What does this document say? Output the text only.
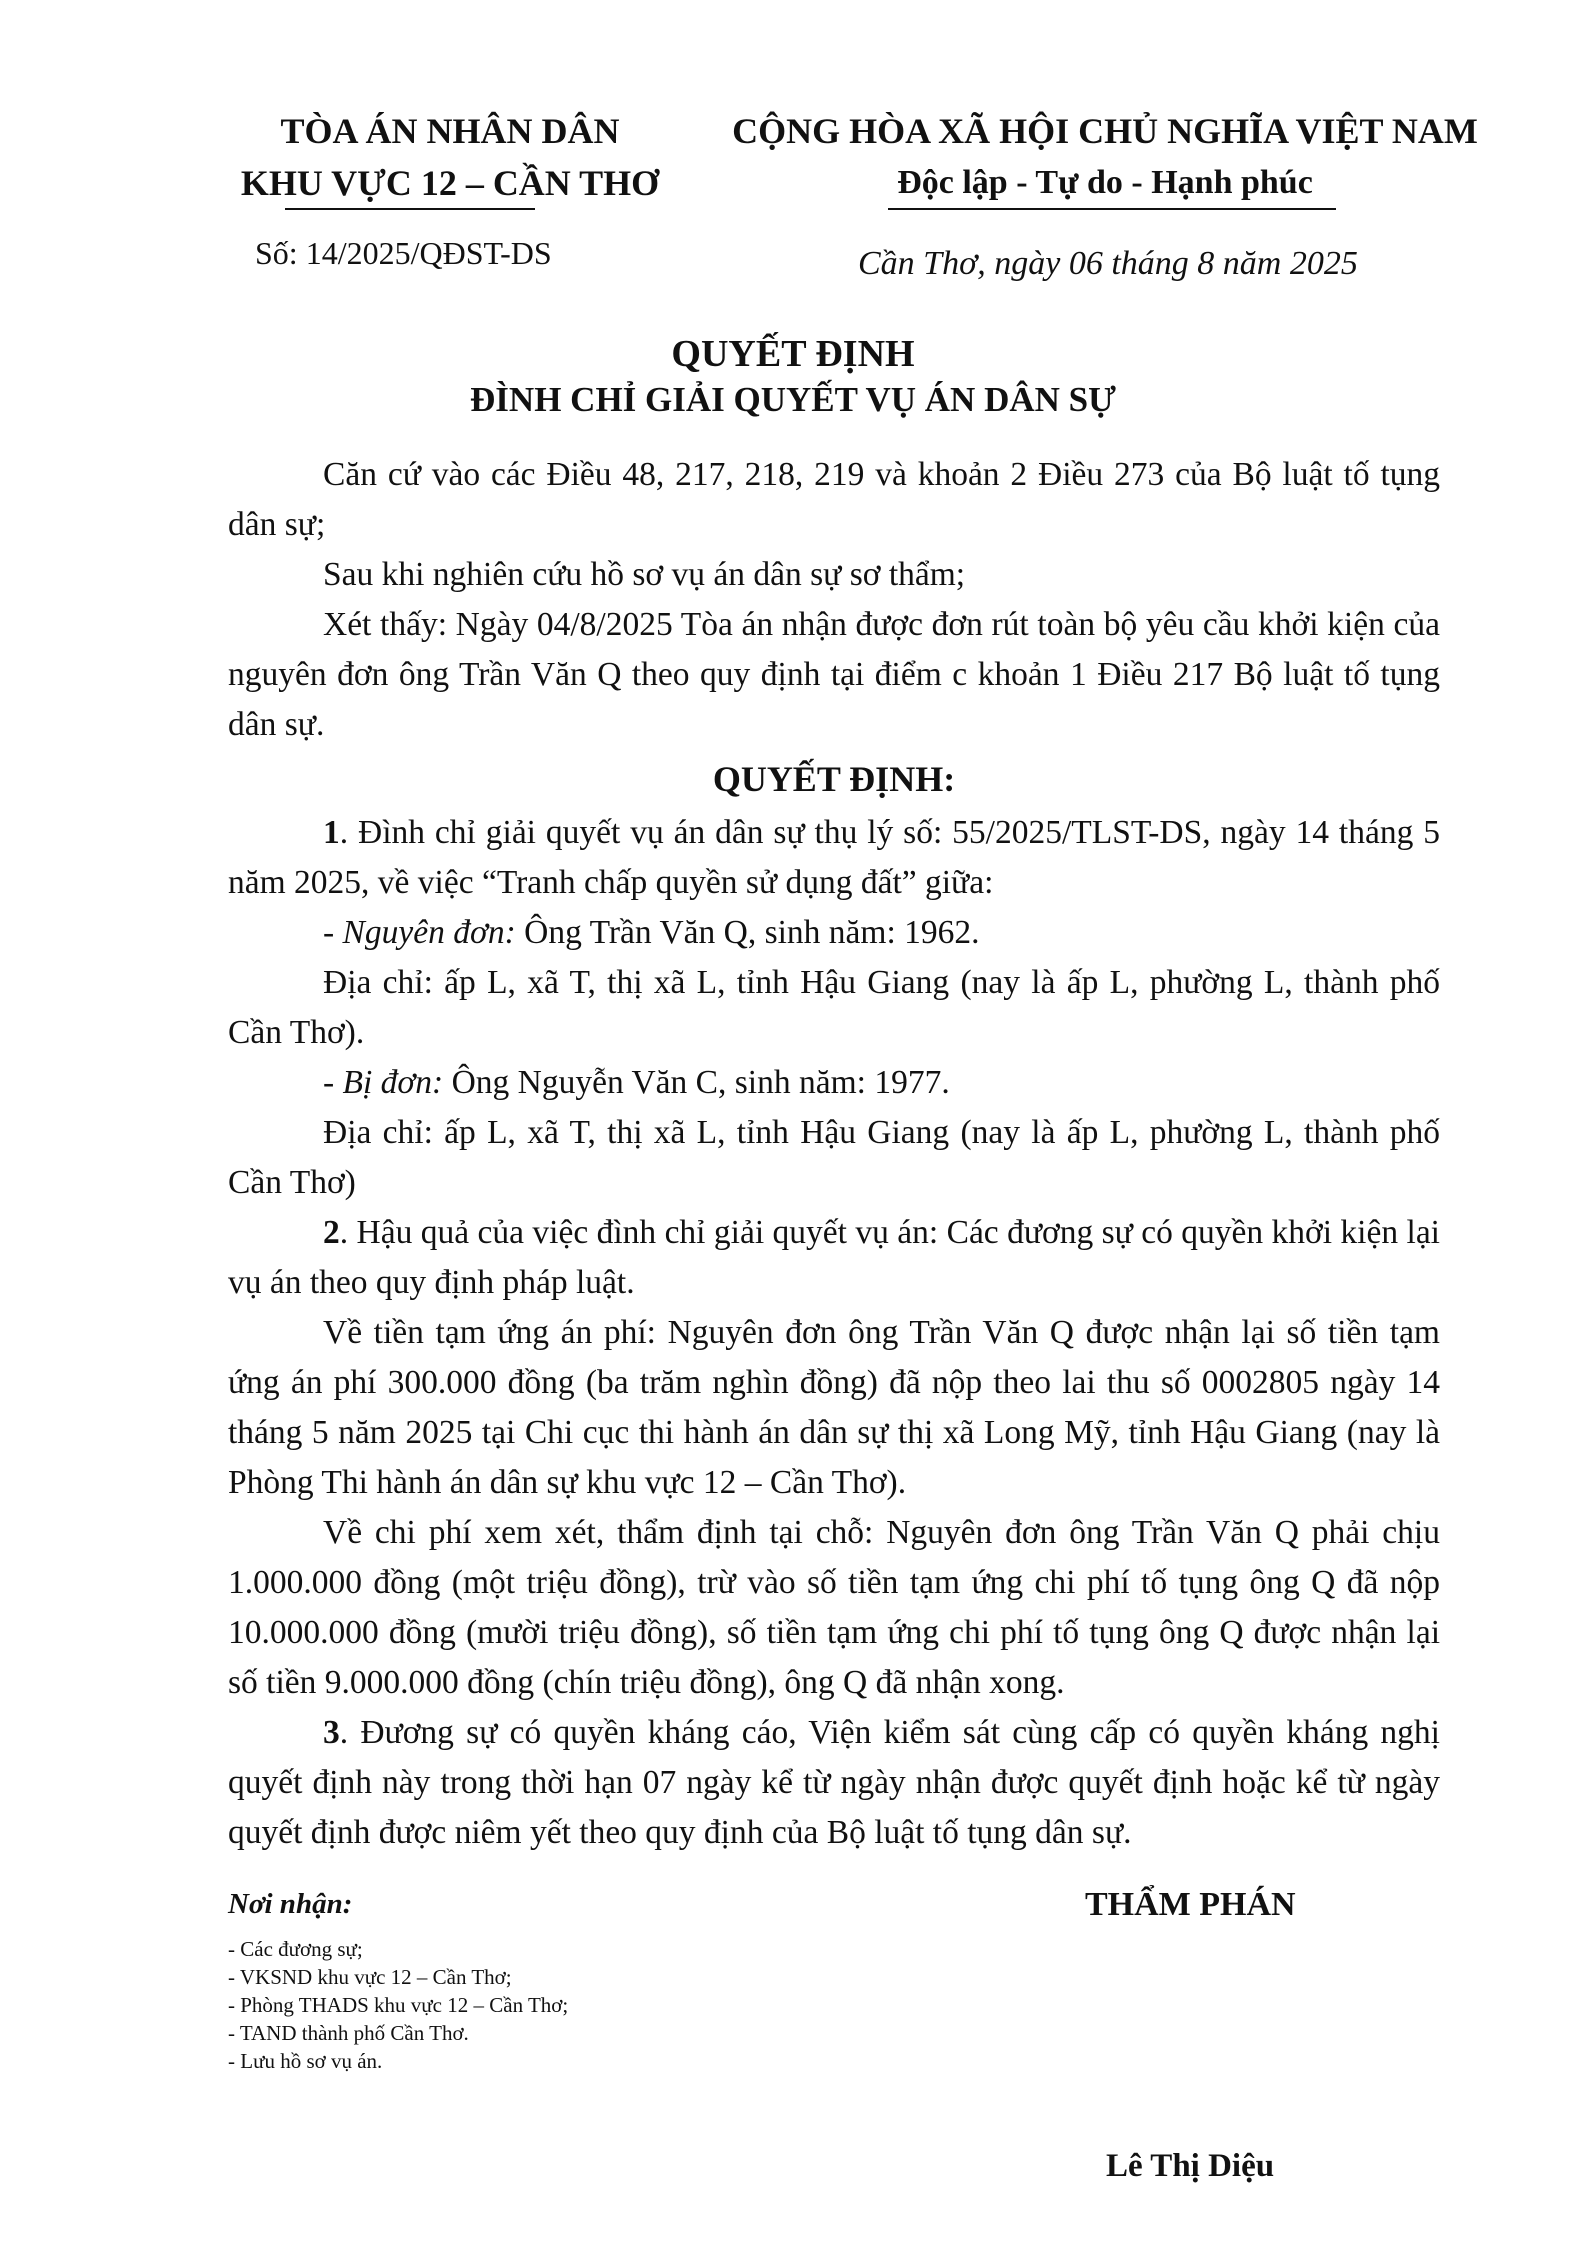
TÒA ÁN NHÂN DÂN
KHU VỰC 12 – CẦN THƠ
CỘNG HÒA XÃ HỘI CHỦ NGHĨA VIỆT NAM
Độc lập - Tự do - Hạnh phúc
Số: 14/2025/QĐST-DS	Cần Thơ, ngày 06 tháng 8 năm 2025
QUYẾT ĐỊNH
ĐÌNH CHỈ GIẢI QUYẾT VỤ ÁN DÂN SỰ

Căn cứ vào các Điều 48, 217, 218, 219 và khoản 2 Điều 273 của Bộ luật tố tụng dân sự;

Sau khi nghiên cứu hồ sơ vụ án dân sự sơ thẩm;

Xét thấy: Ngày 04/8/2025 Tòa án nhận được đơn rút toàn bộ yêu cầu khởi kiện của nguyên đơn ông Trần Văn Q theo quy định tại điểm c khoản 1 Điều 217 Bộ luật tố tụng dân sự.

QUYẾT ĐỊNH:

1. Đình chỉ giải quyết vụ án dân sự thụ lý số: 55/2025/TLST-DS, ngày 14 tháng 5 năm 2025, về việc “Tranh chấp quyền sử dụng đất” giữa:

- Nguyên đơn: Ông Trần Văn Q, sinh năm: 1962.

Địa chỉ: ấp L, xã T, thị xã L, tỉnh Hậu Giang (nay là ấp L, phường L, thành phố Cần Thơ).

- Bị đơn: Ông Nguyễn Văn C, sinh năm: 1977.

Địa chỉ: ấp L, xã T, thị xã L, tỉnh Hậu Giang (nay là ấp L, phường L, thành phố Cần Thơ)

2. Hậu quả của việc đình chỉ giải quyết vụ án: Các đương sự có quyền khởi kiện lại vụ án theo quy định pháp luật.

Về tiền tạm ứng án phí: Nguyên đơn ông Trần Văn Q được nhận lại số tiền tạm ứng án phí 300.000 đồng (ba trăm nghìn đồng) đã nộp theo lai thu số 0002805 ngày 14 tháng 5 năm 2025 tại Chi cục thi hành án dân sự thị xã Long Mỹ, tỉnh Hậu Giang (nay là Phòng Thi hành án dân sự khu vực 12 – Cần Thơ).

Về chi phí xem xét, thẩm định tại chỗ: Nguyên đơn ông Trần Văn Q phải chịu 1.000.000 đồng (một triệu đồng), trừ vào số tiền tạm ứng chi phí tố tụng ông Q đã nộp 10.000.000 đồng (mười triệu đồng), số tiền tạm ứng chi phí tố tụng ông Q được nhận lại số tiền 9.000.000 đồng (chín triệu đồng), ông Q đã nhận xong.

3. Đương sự có quyền kháng cáo, Viện kiểm sát cùng cấp có quyền kháng nghị quyết định này trong thời hạn 07 ngày kể từ ngày nhận được quyết định hoặc kể từ ngày quyết định được niêm yết theo quy định của Bộ luật tố tụng dân sự.

Nơi nhận:
- Các đương sự;
- VKSND khu vực 12 – Cần Thơ;
- Phòng THADS khu vực 12 – Cần Thơ;
- TAND thành phố Cần Thơ.
- Lưu hồ sơ vụ án.
THẨM PHÁN
Lê Thị Diệu
